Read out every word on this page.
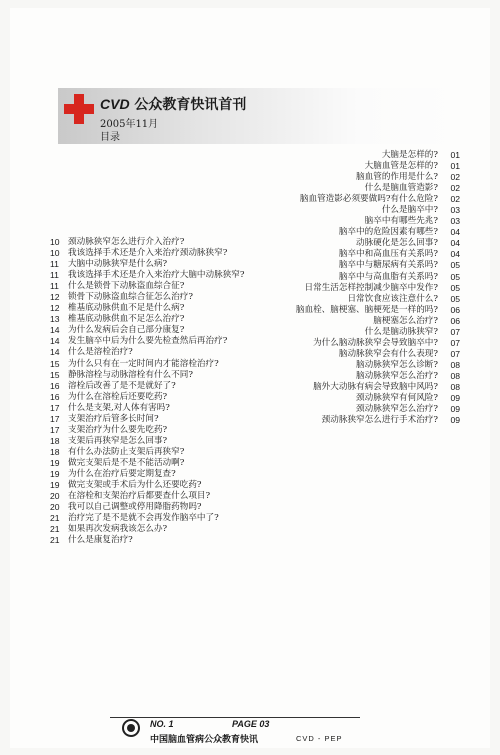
CVD 公众教育快讯首刊
2005年11月
目录
大脑是怎样的?	01
大脑血管是怎样的?	01
脑血管的作用是什么?	02
什么是脑血管造影?	02
脑血管造影必须要做吗?有什么危险?	02
什么是脑卒中?	03
脑卒中有哪些先兆?	03
脑卒中的危险因素有哪些?	04
动脉硬化是怎么回事?	04
脑卒中和高血压有关系吗?	04
脑卒中与糖尿病有关系吗?	05
脑卒中与高血脂有关系吗?	05
日常生活怎样控制减少脑卒中发作?	05
日常饮食应该注意什么?	05
脑血栓、脑梗塞、脑梗死是一样的吗?	06
脑梗塞怎么治疗?	06
什么是脑动脉狭窄?	07
为什么脑动脉狭窄会导致脑卒中?	07
脑动脉狭窄会有什么表现?	07
脑动脉狭窄怎么诊断?	08
脑动脉狭窄怎么治疗?	08
脑外大动脉有病会导致脑中风吗?	08
颈动脉狭窄有何风险?	09
颈动脉狭窄怎么治疗?	09
颈动脉狭窄怎么进行手术治疗?	09
10 颈动脉狭窄怎么进行介入治疗?
10 我该选择手术还是介入来治疗颈动脉狭窄?
11	大脑中动脉狭窄是什么病?
11	我该选择手术还是介入来治疗大脑中动脉狭窄?
11	什么是锁骨下动脉盗血综合征?
12 锁骨下动脉盗血综合征怎么治疗?
12 椎基底动脉供血不足是什么病?
13 椎基底动脉供血不足怎么治疗?
14 为什么发病后会自己部分康复?
14 发生脑卒中后为什么要先检查然后再治疗?
14 什么是溶栓治疗?
15 为什么只有在一定时间内才能溶栓治疗?
15 静脉溶栓与动脉溶栓有什么不同?
16 溶栓后改善了是不是就好了?
16 为什么在溶栓后还要吃药?
17 什么是支架,对人体有害吗?
17 支架治疗后管多长时间?
17 支架治疗为什么要先吃药?
18 支架后再狭窄是怎么回事?
18 有什么办法防止支架后再狭窄?
19 做完支架后是不是不能活动啊?
19 为什么在治疗后要定期复查?
19 做完支架或手术后为什么还要吃药?
20 在溶栓和支架治疗后都要查什么项目?
20 我可以自己调整或停用降脂药物吗?
21 治疗完了是不是就不会再发作脑卒中了?
21 如果再次发病我该怎么办?
21 什么是康复治疗?
NO. 1	PAGE 03
中国脑血管病公众教育快讯	CVD - PEP
